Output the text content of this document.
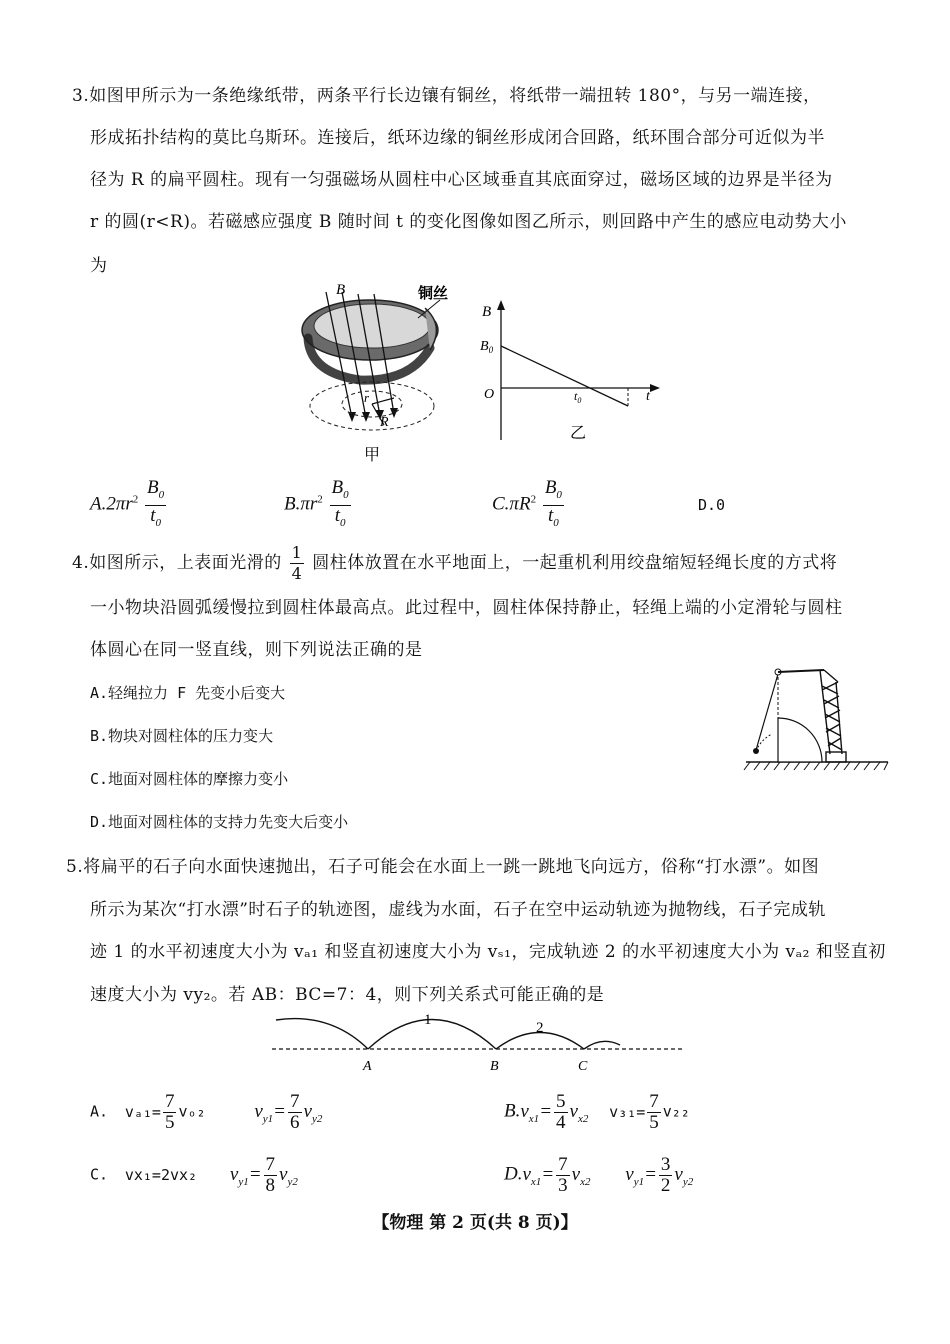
3.如图甲所示为一条绝缘纸带，两条平行长边镶有铜丝，将纸带一端扭转 180°，与另一端连接，
形成拓扑结构的莫比乌斯环。连接后，纸环边缘的铜丝形成闭合回路，纸环围合部分可近似为半
径为 R 的扁平圆柱。现有一匀强磁场从圆柱中心区域垂直其底面穿过，磁场区域的边界是半径为
r 的圆(r<R)。若磁感应强度 B 随时间 t 的变化图像如图乙所示，则回路中产生的感应电动势大小
为
B	铜丝
r
R
甲
B
$B_0$
O	$t_0$	t
乙
$A.2\pi r^2 \frac{B_0}{t_0}$	$B.\pi r^2 \frac{B_0}{t_0}$	$C.\pi R^2 \frac{B_0}{t_0}$	D.0
4.如图所示，上表面光滑的 $\frac{1}{4}$ 圆柱体放置在水平地面上，一起重机利用绞盘缩短轻绳长度的方式将
一小物块沿圆弧缓慢拉到圆柱体最高点。此过程中，圆柱体保持静止，轻绳上端的小定滑轮与圆柱
体圆心在同一竖直线，则下列说法正确的是
A.轻绳拉力 F 先变小后变大
B.物块对圆柱体的压力变大
C.地面对圆柱体的摩擦力变小
D.地面对圆柱体的支持力先变大后变小
5.将扁平的石子向水面快速抛出，石子可能会在水面上一跳一跳地飞向远方，俗称“打水漂”。如图
所示为某次“打水漂”时石子的轨迹图，虚线为水面，石子在空中运动轨迹为抛物线，石子完成轨
迹 1 的水平初速度大小为 vₐ₁ 和竖直初速度大小为 vₛ₁，完成轨迹 2 的水平初速度大小为 vₐ₂ 和竖直初
速度大小为 vy₂。若 AB：BC=7：4，则下列关系式可能正确的是
1	2
A	B	C
A. $v_{a1}= \frac{7}{5} v_{o2}$	$v_{y1}= \frac{7}{6} v_{y2}$	$B.v_{x1}= \frac{5}{4} v_{x2}$ $v_{31}= \frac{7}{5} v_{22}$
C. vx₁=2vx₂ $v_{y1}= \frac{7}{8} v_{y2}$	$D.v_{x1}= \frac{7}{3} v_{x2}$ $v_{y1}= \frac{3}{2} v_{y2}$
【物理 第 2 页(共 8 页)】
